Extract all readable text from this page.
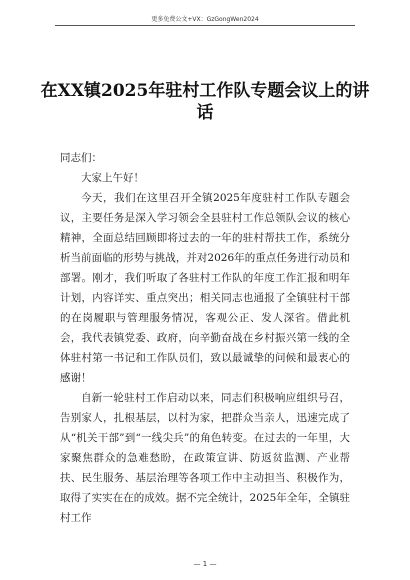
更多免费公文+VX：GzGongWen2024
在XX镇2025年驻村工作队专题会议上的讲话

同志们：

大家上午好！

今天，我们在这里召开全镇2025年度驻村工作队专题会议，主要任务是深入学习领会全县驻村工作总领队会议的核心精神，全面总结回顾即将过去的一年的驻村帮扶工作，系统分析当前面临的形势与挑战，并对2026年的重点任务进行动员和部署。刚才，我们听取了各驻村工作队的年度工作汇报和明年计划，内容详实、重点突出；相关同志也通报了全镇驻村干部的在岗履职与管理服务情况，客观公正、发人深省。借此机会，我代表镇党委、政府，向辛勤奋战在乡村振兴第一线的全体驻村第一书记和工作队员们，致以最诚挚的问候和最衷心的感谢！

自新一轮驻村工作启动以来，同志们积极响应组织号召，告别家人，扎根基层，以村为家，把群众当亲人，迅速完成了从“机关干部”到“一线尖兵”的角色转变。在过去的一年里，大家聚焦群众的急难愁盼，在政策宣讲、防返贫监测、产业帮扶、民生服务、基层治理等各项工作中主动担当、积极作为，取得了实实在在的成效。据不完全统计，2025年全年，全镇驻村工作

— 1 —
